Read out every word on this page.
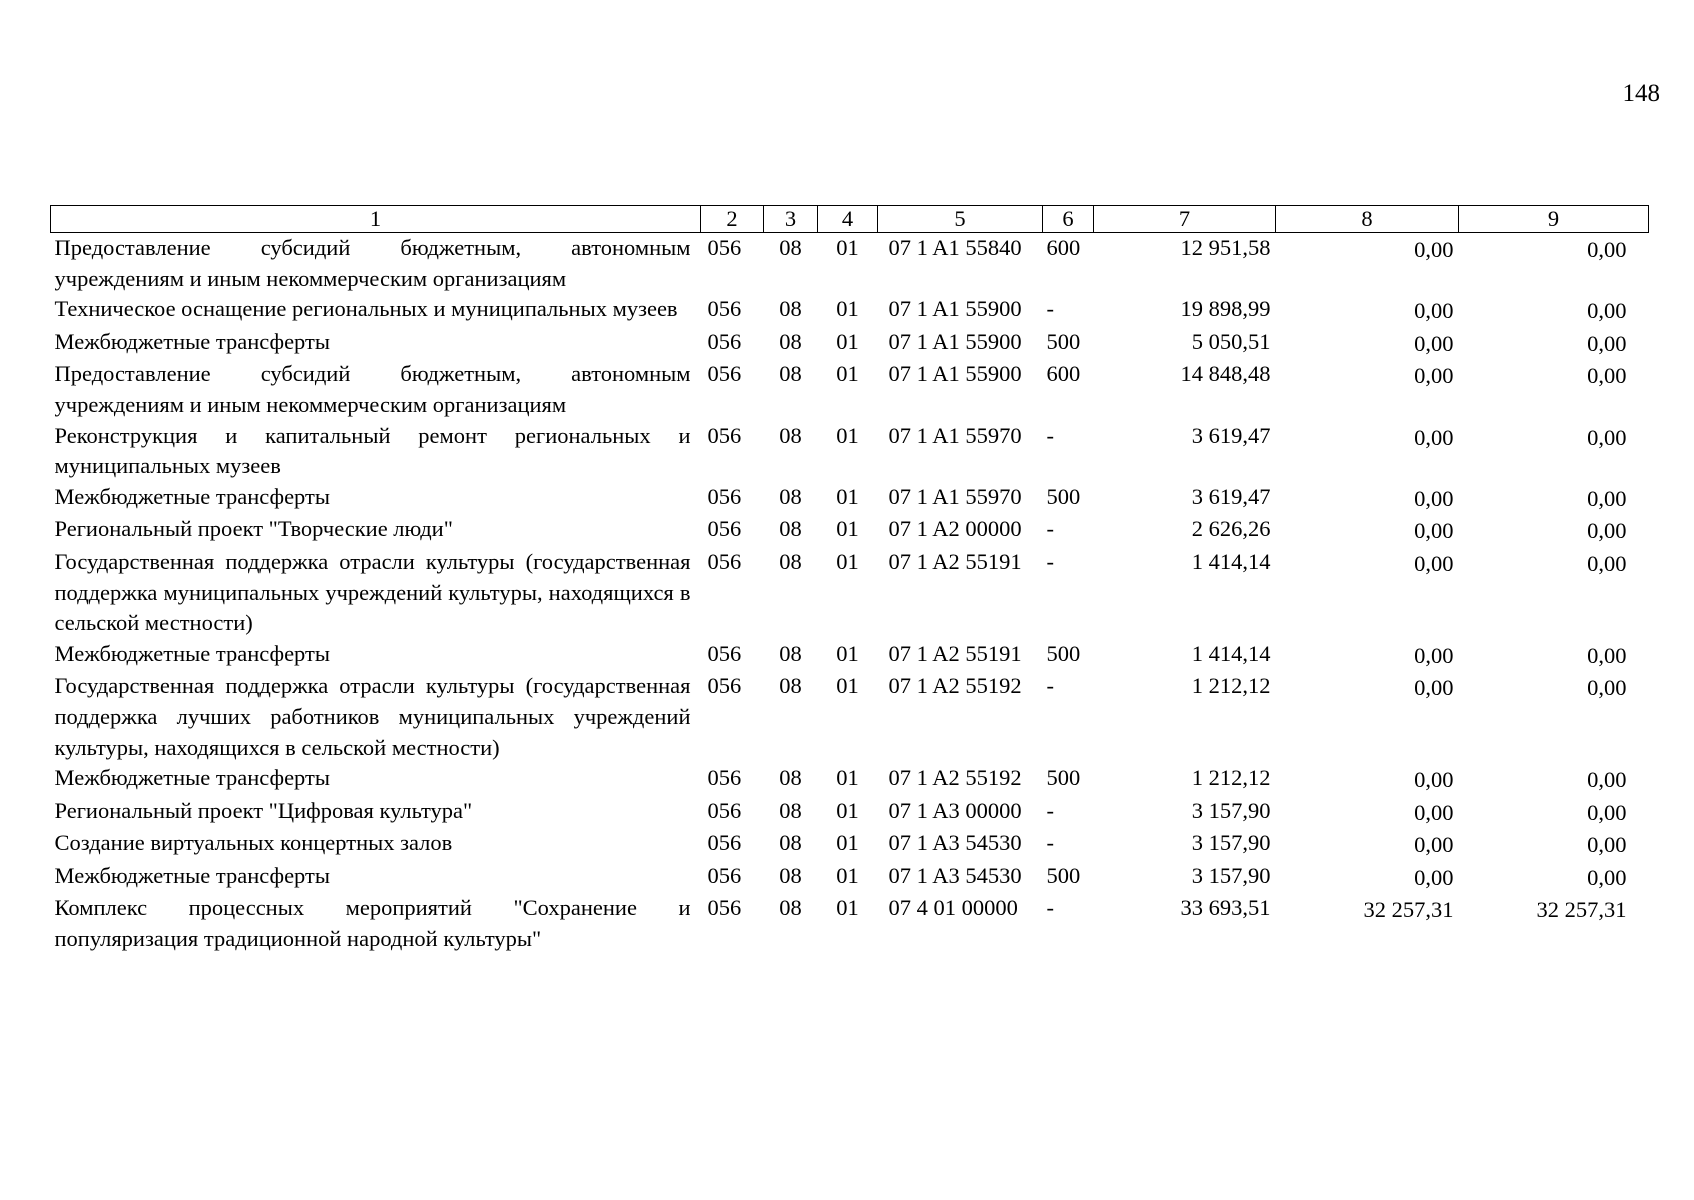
148
1	2	3	4	5	6	7	8	9
Предоставление субсидий бюджетным, автономным учреждениям и иным некоммерческим организациям	056	08	01	07 1 A1 55840	600	12 951,58	0,00	0,00
Техническое оснащение региональных и муниципальных музеев	056	08	01	07 1 A1 55900	-	19 898,99	0,00	0,00
Межбюджетные трансферты	056	08	01	07 1 A1 55900	500	5 050,51	0,00	0,00
Предоставление субсидий бюджетным, автономным учреждениям и иным некоммерческим организациям	056	08	01	07 1 A1 55900	600	14 848,48	0,00	0,00
Реконструкция и капитальный ремонт региональных и муниципальных музеев	056	08	01	07 1 A1 55970	-	3 619,47	0,00	0,00
Межбюджетные трансферты	056	08	01	07 1 A1 55970	500	3 619,47	0,00	0,00
Региональный проект "Творческие люди"	056	08	01	07 1 A2 00000	-	2 626,26	0,00	0,00
Государственная поддержка отрасли культуры (государственная поддержка муниципальных учреждений культуры, находящихся в сельской местности)	056	08	01	07 1 A2 55191	-	1 414,14	0,00	0,00
Межбюджетные трансферты	056	08	01	07 1 A2 55191	500	1 414,14	0,00	0,00
Государственная поддержка отрасли культуры (государственная поддержка лучших работников муниципальных учреждений культуры, находящихся в сельской местности)	056	08	01	07 1 A2 55192	-	1 212,12	0,00	0,00
Межбюджетные трансферты	056	08	01	07 1 A2 55192	500	1 212,12	0,00	0,00
Региональный проект "Цифровая культура"	056	08	01	07 1 A3 00000	-	3 157,90	0,00	0,00
Создание виртуальных концертных залов	056	08	01	07 1 A3 54530	-	3 157,90	0,00	0,00
Межбюджетные трансферты	056	08	01	07 1 A3 54530	500	3 157,90	0,00	0,00
Комплекс процессных мероприятий "Сохранение и популяризация традиционной народной культуры"	056	08	01	07 4 01 00000	-	33 693,51	32 257,31	32 257,31
